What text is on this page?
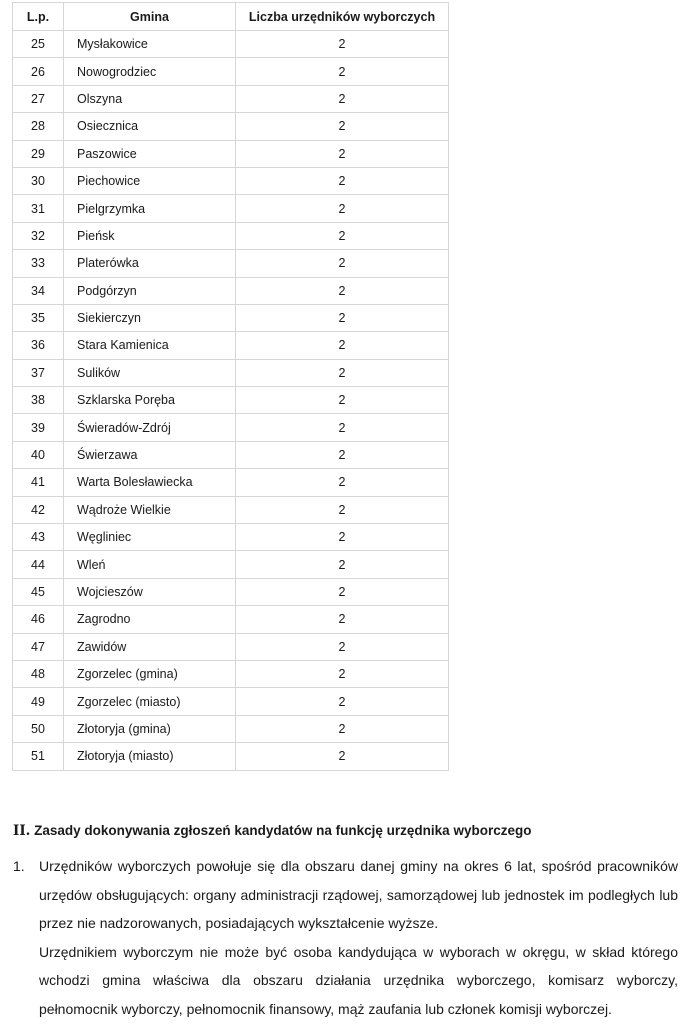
L.p.	Gmina	Liczba urzędników wyborczych
25	Mysłakowice	2
26	Nowogrodziec	2
27	Olszyna	2
28	Osiecznica	2
29	Paszowice	2
30	Piechowice	2
31	Pielgrzymka	2
32	Pieńsk	2
33	Platerówka	2
34	Podgórzyn	2
35	Siekierczyn	2
36	Stara Kamienica	2
37	Sulików	2
38	Szklarska Poręba	2
39	Świeradów-Zdrój	2
40	Świerzawa	2
41	Warta Bolesławiecka	2
42	Wądroże Wielkie	2
43	Węgliniec	2
44	Wleń	2
45	Wojcieszów	2
46	Zagrodno	2
47	Zawidów	2
48	Zgorzelec (gmina)	2
49	Zgorzelec (miasto)	2
50	Złotoryja (gmina)	2
51	Złotoryja (miasto)	2
II. Zasady dokonywania zgłoszeń kandydatów na funkcję urzędnika wyborczego
1. Urzędników wyborczych powołuje się dla obszaru danej gminy na okres 6 lat, spośród pracowników urzędów obsługujących: organy administracji rządowej, samorządowej lub jednostek im podległych lub przez nie nadzorowanych, posiadających wykształcenie wyższe.

Urzędnikiem wyborczym nie może być osoba kandydująca w wyborach w okręgu, w skład którego wchodzi gmina właściwa dla obszaru działania urzędnika wyborczego, komisarz wyborczy, pełnomocnik wyborczy, pełnomocnik finansowy, mąż zaufania lub członek komisji wyborczej.
